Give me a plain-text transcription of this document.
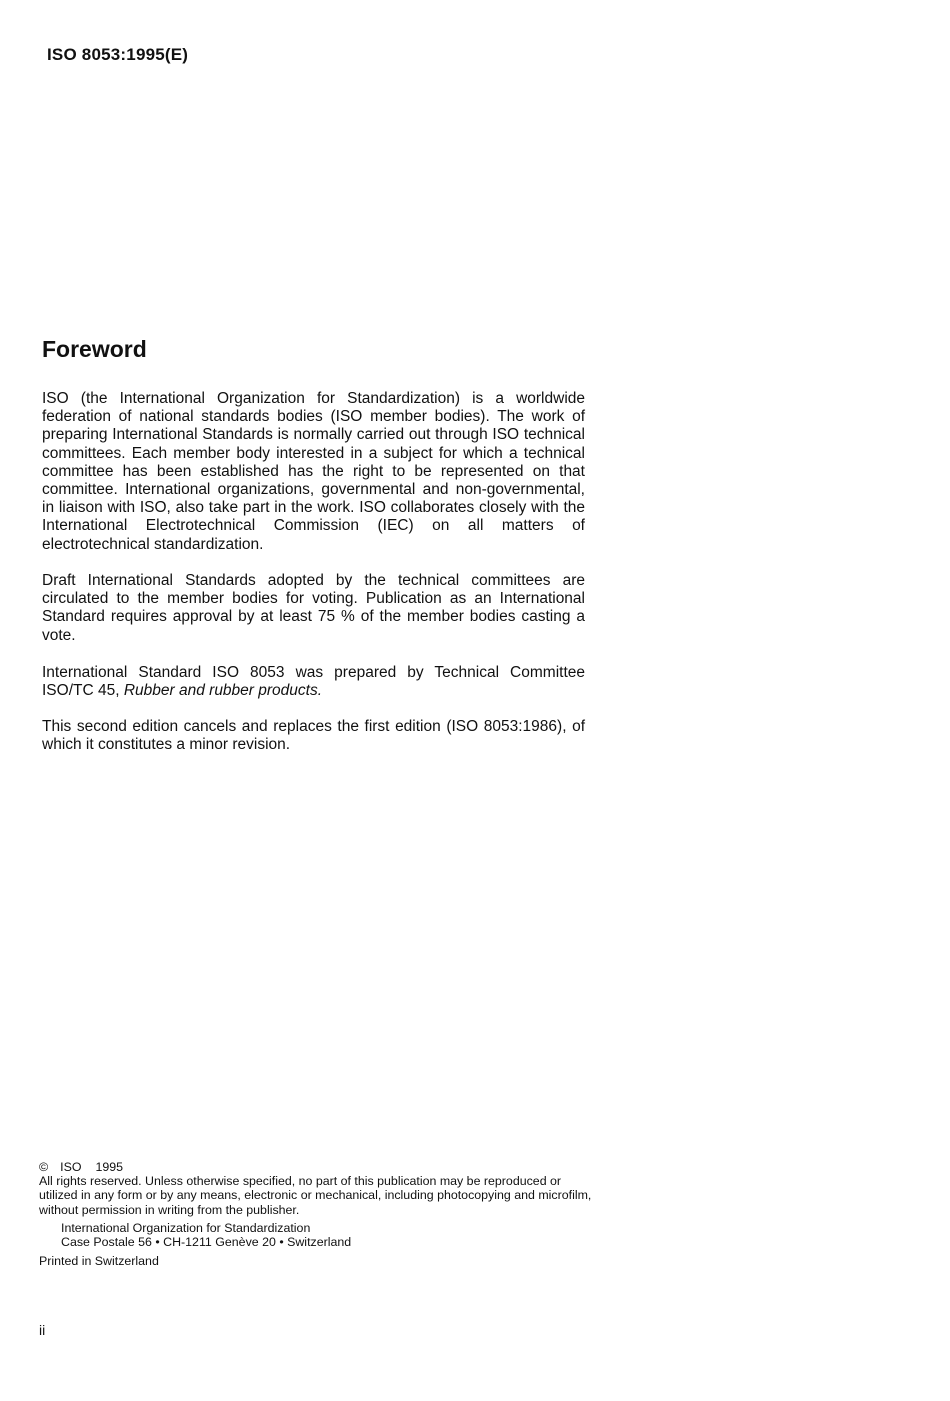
ISO 8053:1995(E)
Foreword

ISO (the International Organization for Standardization) is a worldwide federation of national standards bodies (ISO member bodies). The work of preparing International Standards is normally carried out through ISO technical committees. Each member body interested in a subject for which a technical committee has been established has the right to be represented on that committee. International organizations, governmental and non-governmental, in liaison with ISO, also take part in the work. ISO collaborates closely with the International Electrotechnical Commission (IEC) on all matters of electrotechnical standardization.

Draft International Standards adopted by the technical committees are circulated to the member bodies for voting. Publication as an International Standard requires approval by at least 75 % of the member bodies casting a vote.

International Standard ISO 8053 was prepared by Technical Committee ISO/TC 45, Rubber and rubber products.

This second edition cancels and replaces the first edition (ISO 8053:1986), of which it constitutes a minor revision.

© ISO 1995

All rights reserved. Unless otherwise specified, no part of this publication may be reproduced or utilized in any form or by any means, electronic or mechanical, including photocopying and microfilm, without permission in writing from the publisher.

International Organization for Standardization

Case Postale 56 • CH-1211 Genève 20 • Switzerland

Printed in Switzerland

ii
